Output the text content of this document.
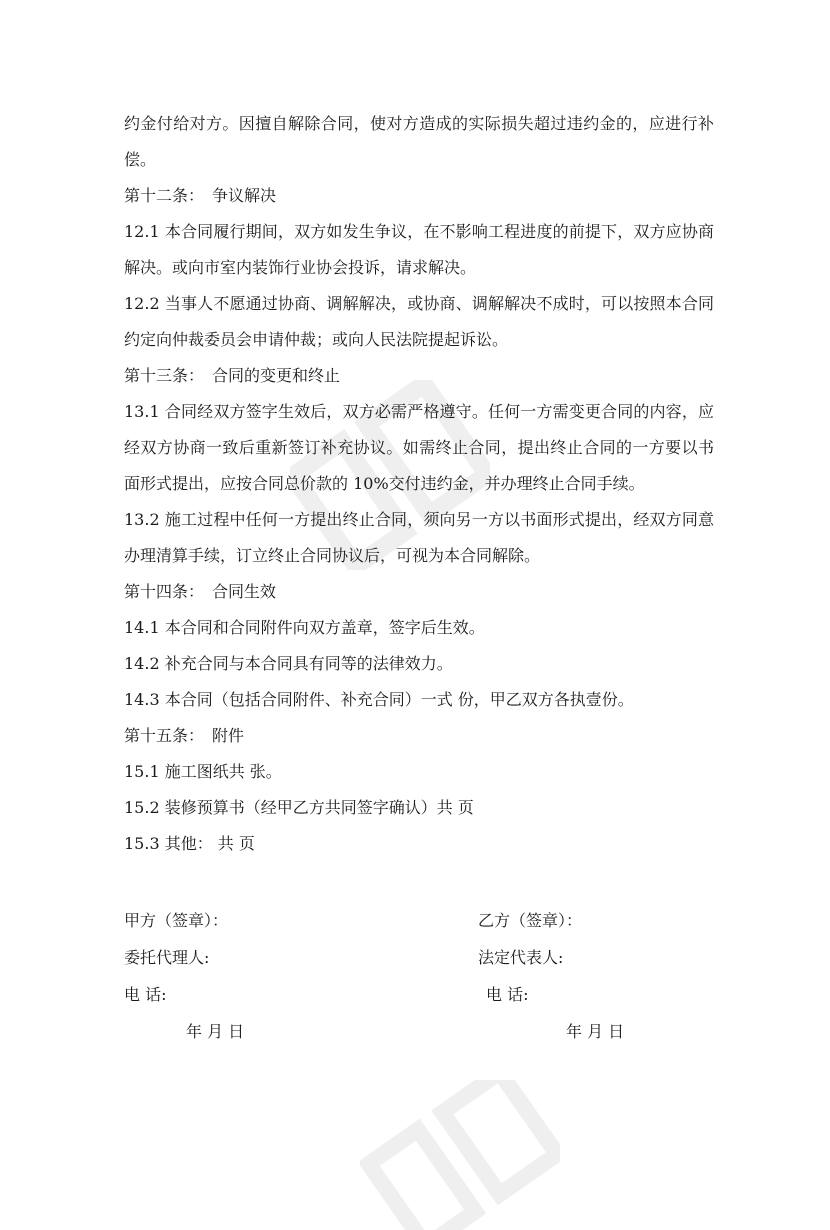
约金付给对方。因擅自解除合同，使对方造成的实际损失超过违约金的，应进行补偿。

第十二条：　争议解决

12.1 本合同履行期间，双方如发生争议，在不影响工程进度的前提下，双方应协商解决。或向市室内装饰行业协会投诉，请求解决。

12.2 当事人不愿通过协商、调解解决，或协商、调解解决不成时，可以按照本合同约定向仲裁委员会申请仲裁；或向人民法院提起诉讼。

第十三条：　合同的变更和终止

13.1 合同经双方签字生效后，双方必需严格遵守。任何一方需变更合同的内容，应经双方协商一致后重新签订补充协议。如需终止合同，提出终止合同的一方要以书面形式提出，应按合同总价款的 10%交付违约金，并办理终止合同手续。

13.2 施工过程中任何一方提出终止合同，须向另一方以书面形式提出，经双方同意办理清算手续，订立终止合同协议后，可视为本合同解除。

第十四条：　合同生效

14.1 本合同和合同附件向双方盖章，签字后生效。

14.2 补充合同与本合同具有同等的法律效力。

14.3 本合同（包括合同附件、补充合同）一式 份，甲乙双方各执壹份。

第十五条：　附件

15.1 施工图纸共 张。

15.2 装修预算书（经甲乙方共同签字确认）共 页

15.3 其他： 共 页

甲方（签章）：	乙方（签章）：
委托代理人:	法定代表人:
电 话:	电 话:
年 月 日	年 月 日
